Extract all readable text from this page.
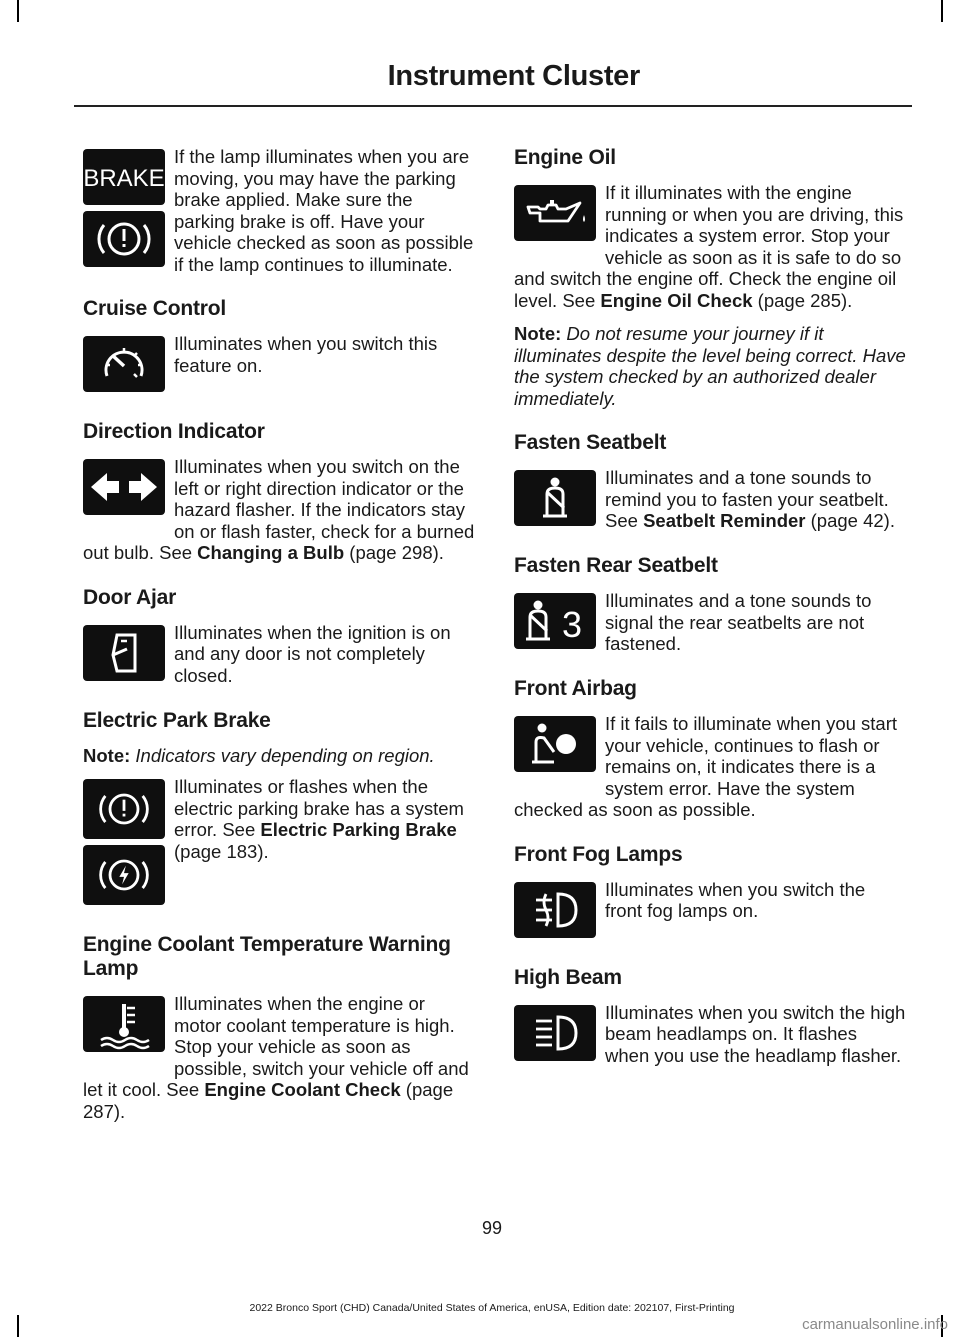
Instrument Cluster
BRAKE

If the lamp illuminates when you are moving, you may have the parking brake applied. Make sure the parking brake is off. Have your vehicle checked as soon as possible if the lamp continues to illuminate.

Cruise Control

Illuminates when you switch this feature on.

Direction Indicator

Illuminates when you switch on the left or right direction indicator or the hazard flasher. If the indicators stay on or flash faster, check for a burned out bulb. See Changing a Bulb (page 298).

Door Ajar

Illuminates when the ignition is on and any door is not completely closed.

Electric Park Brake

Note: Indicators vary depending on region.

Illuminates or flashes when the electric parking brake has a system error. See Electric Parking Brake (page 183).

Engine Coolant Temperature Warning Lamp

Illuminates when the engine or motor coolant temperature is high. Stop your vehicle as soon as possible, switch your vehicle off and let it cool. See Engine Coolant Check (page 287).

Engine Oil

If it illuminates with the engine running or when you are driving, this indicates a system error. Stop your vehicle as soon as it is safe to do so and switch the engine off. Check the engine oil level. See Engine Oil Check (page 285).

Note: Do not resume your journey if it illuminates despite the level being correct. Have the system checked by an authorized dealer immediately.

Fasten Seatbelt

Illuminates and a tone sounds to remind you to fasten your seatbelt. See Seatbelt Reminder (page 42).

Fasten Rear Seatbelt
3

Illuminates and a tone sounds to signal the rear seatbelts are not fastened.

Front Airbag

If it fails to illuminate when you start your vehicle, continues to flash or remains on, it indicates there is a system error. Have the system checked as soon as possible.

Front Fog Lamps

Illuminates when you switch the front fog lamps on.

High Beam

Illuminates when you switch the high beam headlamps on. It flashes when you use the headlamp flasher.

99
2022 Bronco Sport (CHD) Canada/United States of America, enUSA, Edition date: 202107, First-Printing
carmanualsonline.info
